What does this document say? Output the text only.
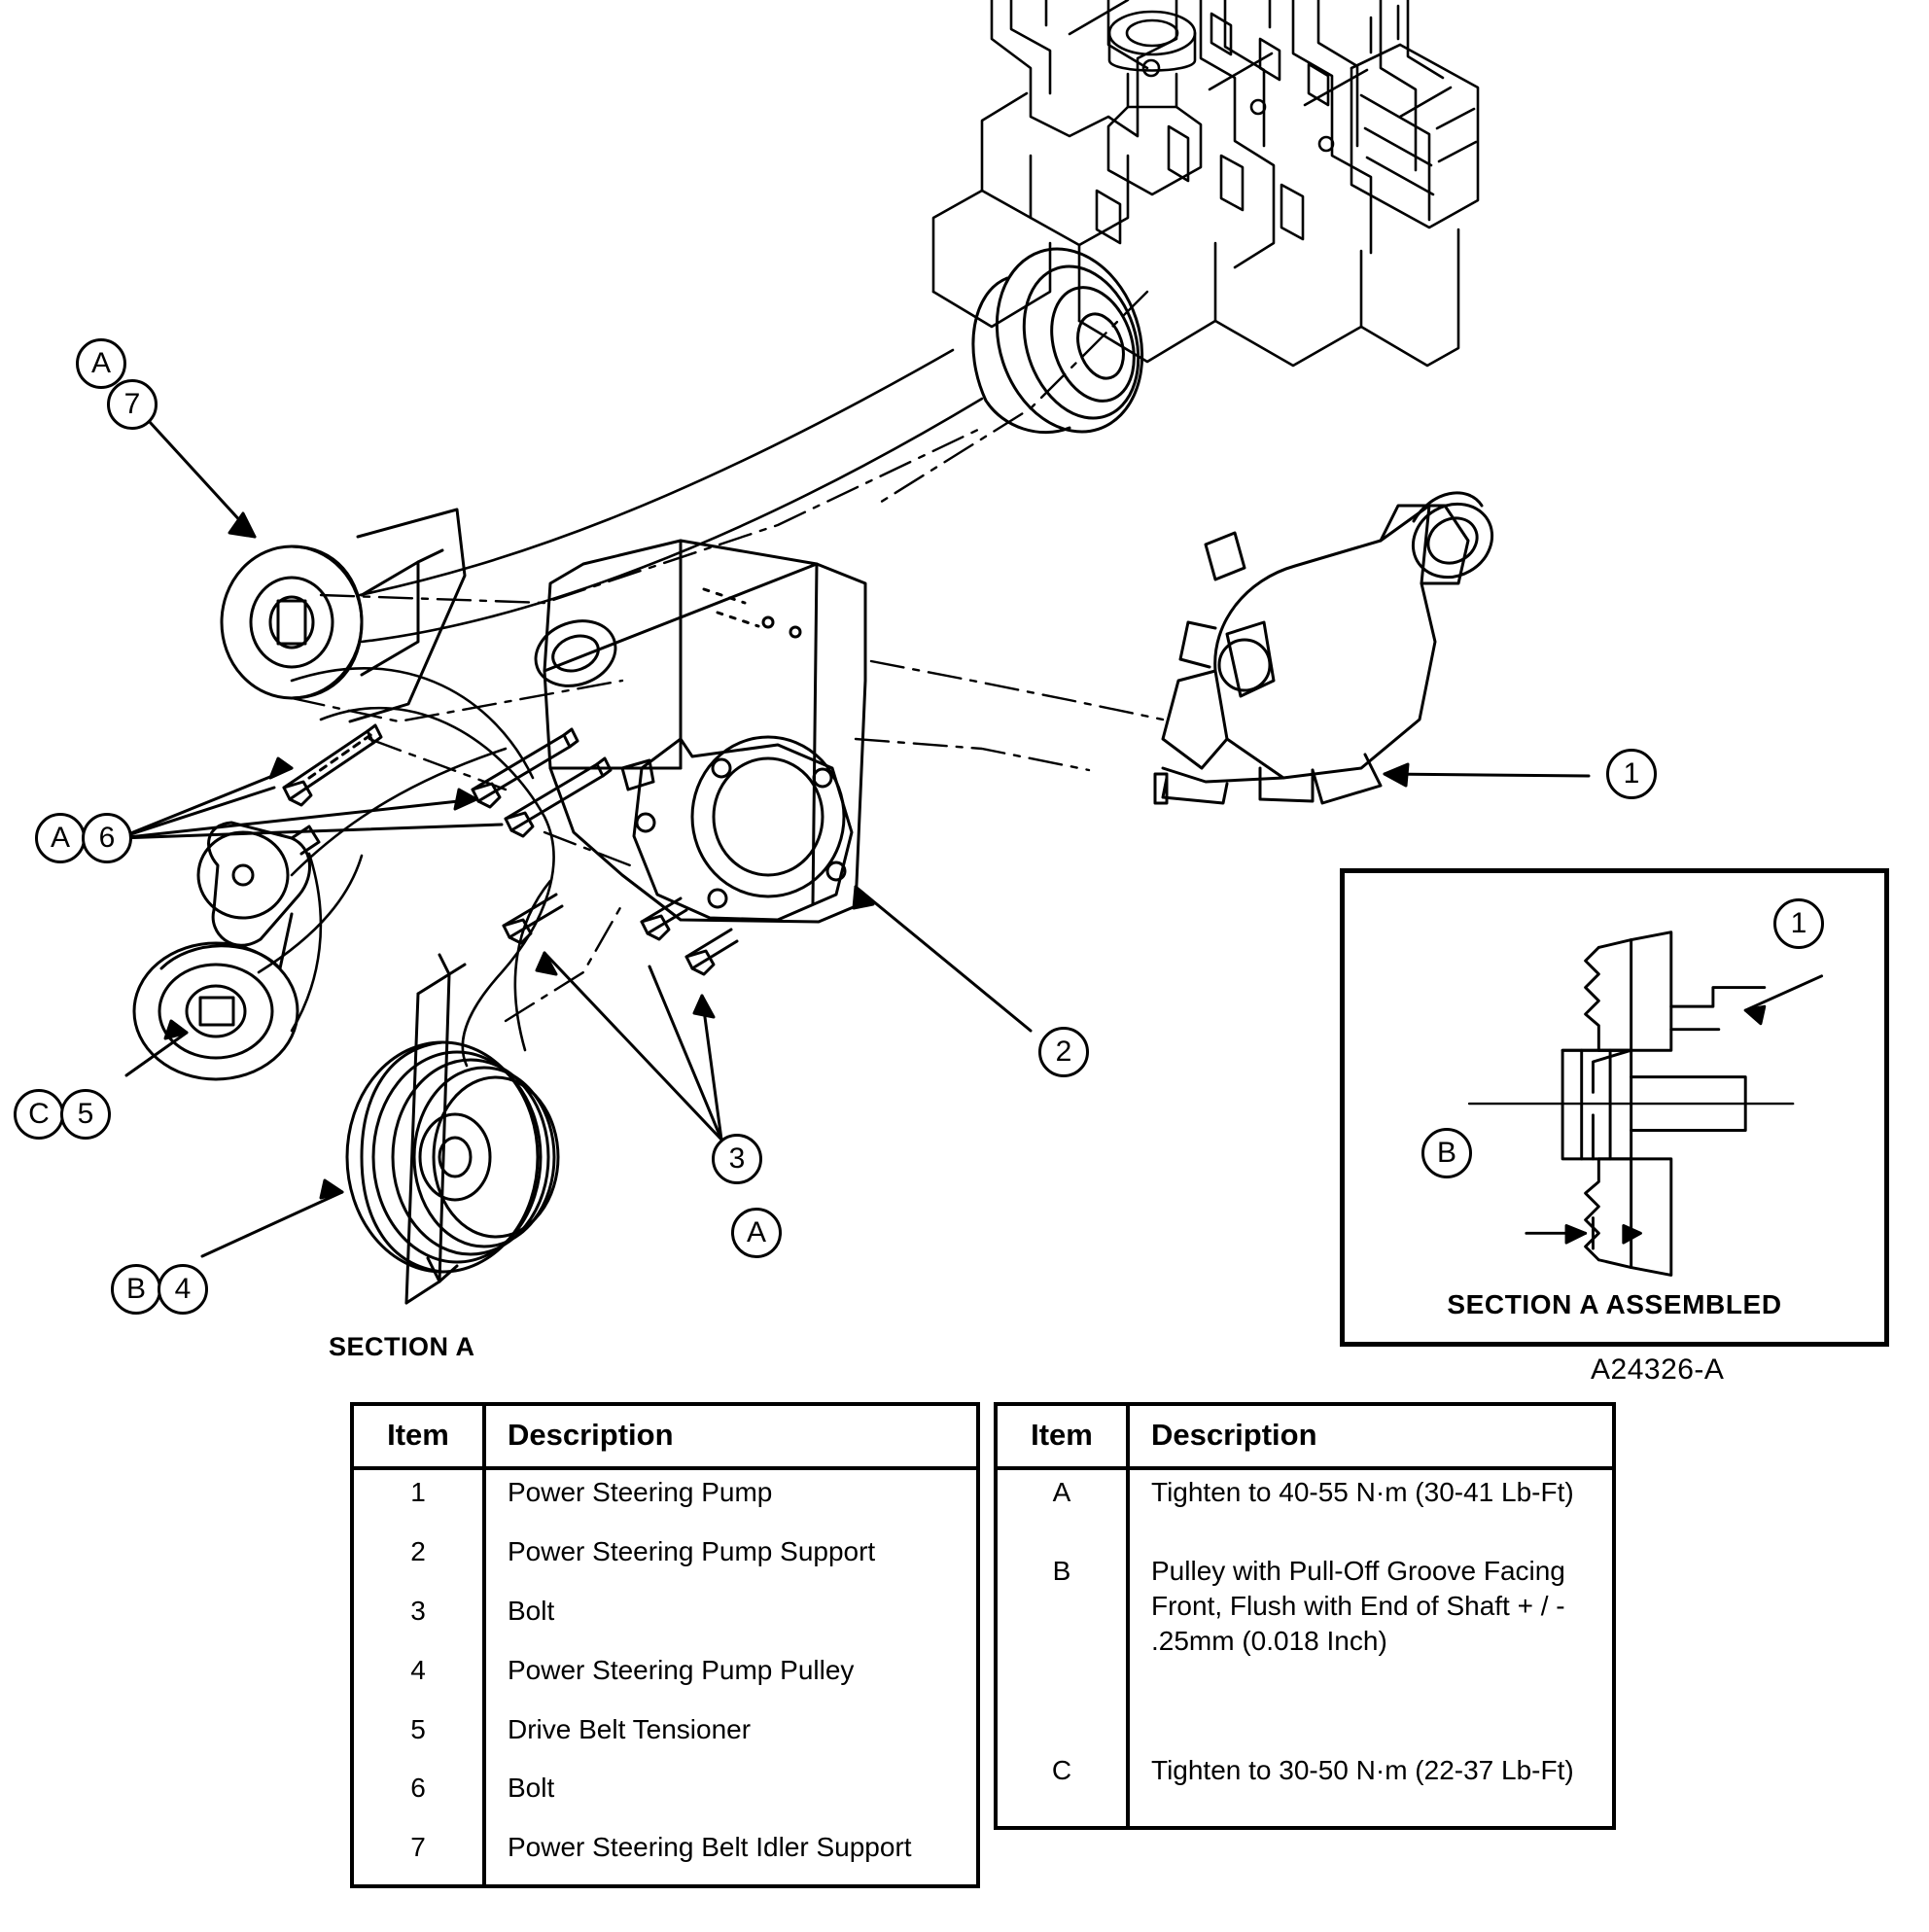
SECTION A ASSEMBLED
A
7
A 6
C 5
B 4
3
A
2
1
1
B
SECTION A
A24326-A
Item	Description
1	Power Steering Pump
2	Power Steering Pump Support
3	Bolt
4	Power Steering Pump Pulley
5	Drive Belt Tensioner
6	Bolt
7	Power Steering Belt Idler Support
Item	Description
A	Tighten to 40-55 N·m (30-41 Lb-Ft)
B	Pulley with Pull-Off Groove Facing Front, Flush with End of Shaft + / - .25mm (0.018 Inch)
C	Tighten to 30-50 N·m (22-37 Lb-Ft)
